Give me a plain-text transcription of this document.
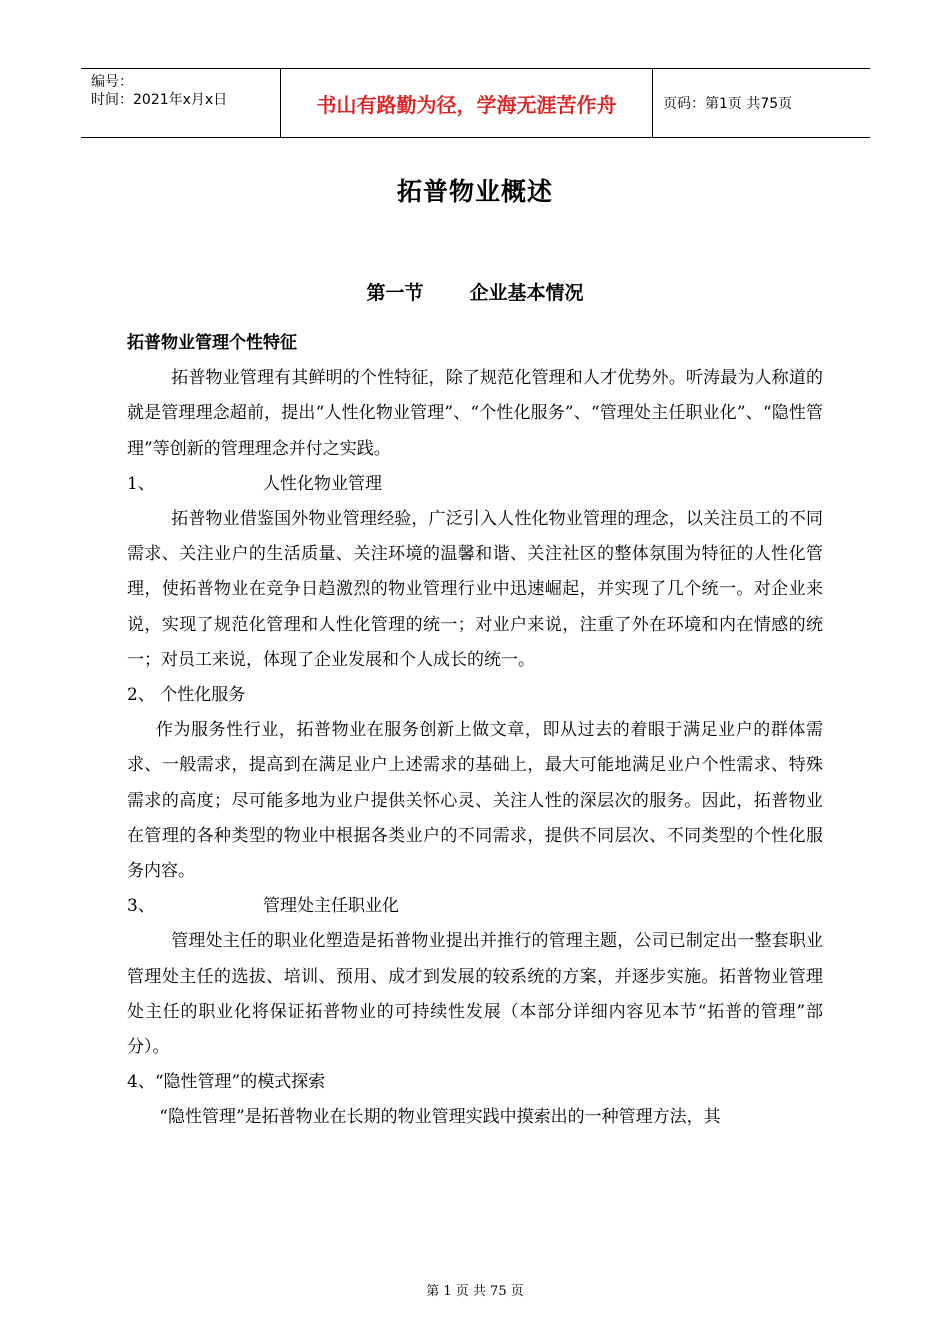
编号：
时间：2021年x月x日	书山有路勤为径，学海无涯苦作舟	页码：第1页 共75页
拓普物业概述
第一节 企业基本情况

拓普物业管理个性特征

拓普物业管理有其鲜明的个性特征，除了规范化管理和人才优势外。听涛最为人称道的就是管理理念超前，提出“人性化物业管理”、“个性化服务”、“管理处主任职业化”、“隐性管理”等创新的管理理念并付之实践。

1、	人性化物业管理

拓普物业借鉴国外物业管理经验，广泛引入人性化物业管理的理念，以关注员工的不同需求、关注业户的生活质量、关注环境的温馨和谐、关注社区的整体氛围为特征的人性化管理，使拓普物业在竞争日趋激烈的物业管理行业中迅速崛起，并实现了几个统一。对企业来说，实现了规范化管理和人性化管理的统一；对业户来说，注重了外在环境和内在情感的统一；对员工来说，体现了企业发展和个人成长的统一。

2、 个性化服务

作为服务性行业，拓普物业在服务创新上做文章，即从过去的着眼于满足业户的群体需求、一般需求，提高到在满足业户上述需求的基础上，最大可能地满足业户个性需求、特殊需求的高度；尽可能多地为业户提供关怀心灵、关注人性的深层次的服务。因此，拓普物业在管理的各种类型的物业中根据各类业户的不同需求，提供不同层次、不同类型的个性化服务内容。

3、	管理处主任职业化

管理处主任的职业化塑造是拓普物业提出并推行的管理主题，公司已制定出一整套职业管理处主任的选拔、培训、预用、成才到发展的较系统的方案，并逐步实施。拓普物业管理处主任的职业化将保证拓普物业的可持续性发展（本部分详细内容见本节“拓普的管理”部分）。

4、“隐性管理”的模式探索

“隐性管理”是拓普物业在长期的物业管理实践中摸索出的一种管理方法，其

第 1 页 共 75 页
